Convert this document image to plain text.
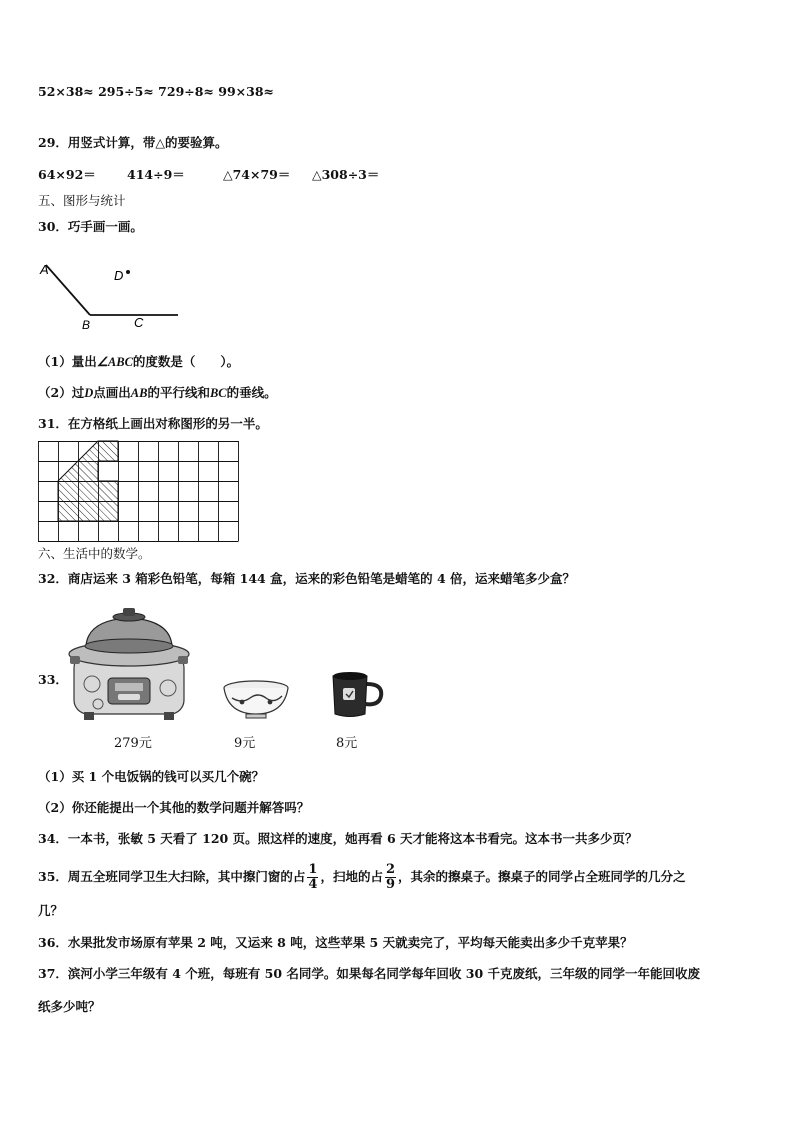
52×38≈ 295÷5≈ 729÷8≈ 99×38≈
29．用竖式计算，带△的要验算。
64×92＝ 414÷9＝	△74×79＝ △308÷3＝
五、图形与统计
30．巧手画一画。
A
B	C
D
（1）量出∠ABC的度数是（　　）。
（2）过D点画出AB的平行线和BC的垂线。
31．在方格纸上画出对称图形的另一半。
六、生活中的数学。
32．商店运来 3 箱彩色铅笔，每箱 144 盒，运来的彩色铅笔是蜡笔的 4 倍，运来蜡笔多少盒？
33．
279元	9元	8元
（1）买 1 个电饭锅的钱可以买几个碗？
（2）你还能提出一个其他的数学问题并解答吗？
34．一本书，张敏 5 天看了 120 页。照这样的速度，她再看 6 天才能将这本书看完。这本书一共多少页？
35．周五全班同学卫生大扫除，其中擦门窗的占 $\frac{1}{4}$ ，扫地的占 $\frac{2}{9}$ ，其余的擦桌子。擦桌子的同学占全班同学的几分之
几？
36．水果批发市场原有苹果 2 吨，又运来 8 吨，这些苹果 5 天就卖完了，平均每天能卖出多少千克苹果？
37．滨河小学三年级有 4 个班，每班有 50 名同学。如果每名同学每年回收 30 千克废纸，三年级的同学一年能回收废
纸多少吨？
